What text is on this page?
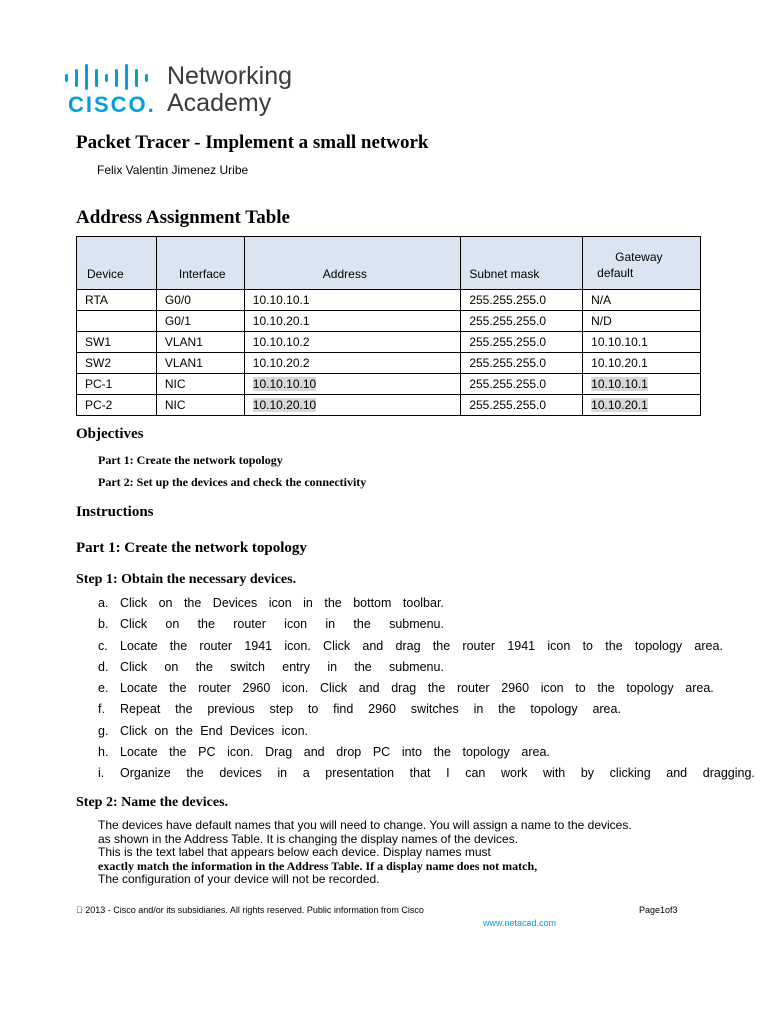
CISCO.
Networking
Academy
Packet Tracer - Implement a small network
Felix Valentin Jimenez Uribe
Address Assignment Table
Device	Interface	Address	Subnet mask	Gateway
default
RTA	G0/0	10.10.10.1	255.255.255.0	N/A
	G0/1	10.10.20.1	255.255.255.0	N/D
SW1	VLAN1	10.10.10.2	255.255.255.0	10.10.10.1
SW2	VLAN1	10.10.20.2	255.255.255.0	10.10.20.1
PC-1	NIC	10.10.10.10	255.255.255.0	10.10.10.1
PC-2	NIC	10.10.20.10	255.255.255.0	10.10.20.1
Objectives
Part 1: Create the network topology
Part 2: Set up the devices and check the connectivity
Instructions
Part 1: Create the network topology
Step 1: Obtain the necessary devices.
a. Click on the Devices icon in the bottom toolbar.
b. Click on the router icon in the submenu.
c. Locate the router 1941 icon. Click and drag the router 1941 icon to the topology area.
d. Click on the switch entry in the submenu.
e. Locate the router 2960 icon. Click and drag the router 2960 icon to the topology area.
f. Repeat the previous step to find 2960 switches in the topology area.
g. Click on the End Devices icon.
h. Locate the PC icon. Drag and drop PC into the topology area.
i. Organize the devices in a presentation that I can work with by clicking and dragging.
Step 2: Name the devices.
The devices have default names that you will need to change. You will assign a name to the devices.
as shown in the Address Table. It is changing the display names of the devices.
This is the text label that appears below each device. Display names must
exactly match the information in the Address Table. If a display name does not match,
The configuration of your device will not be recorded.
2013 - Cisco and/or its subsidiaries. All rights reserved. Public information from Cisco	Page1of3
www.netacad.com
